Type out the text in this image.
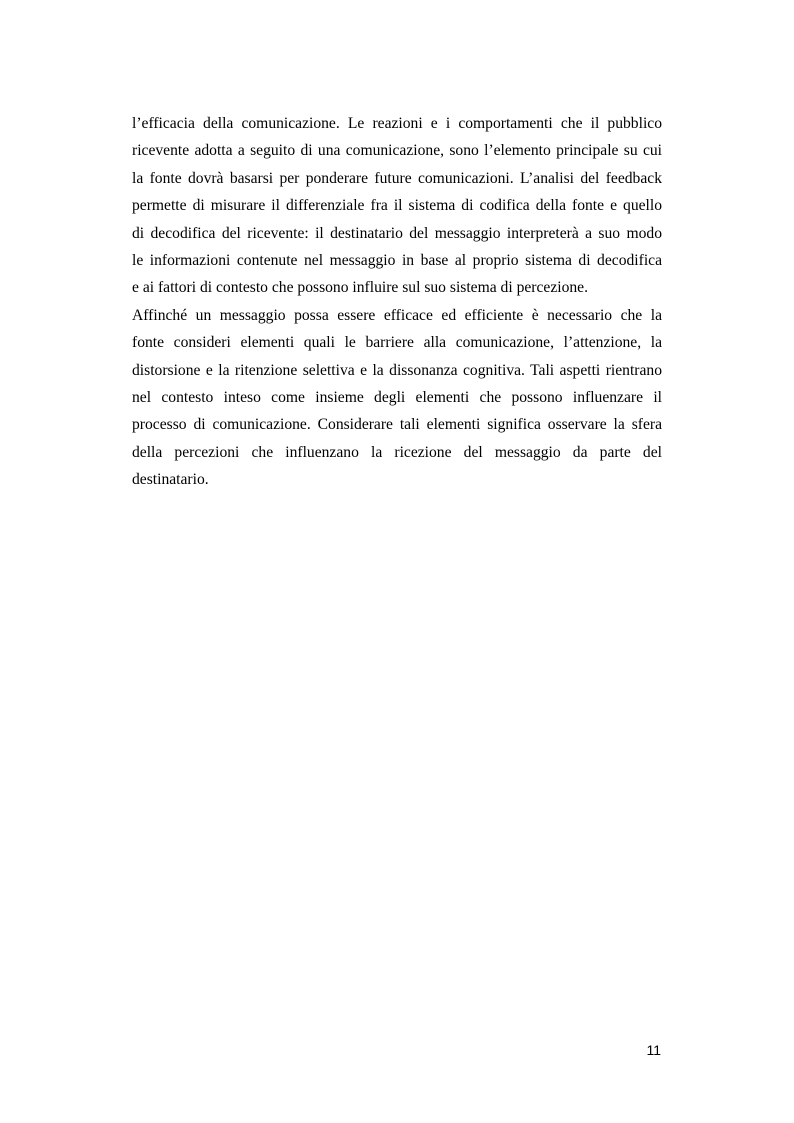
l’efficacia della comunicazione. Le reazioni e i comportamenti che il pubblico
ricevente adotta a seguito di una comunicazione, sono l’elemento principale su cui
la fonte dovrà basarsi per ponderare future comunicazioni. L’analisi del feedback
permette di misurare il differenziale fra il sistema di codifica della fonte e quello
di decodifica del ricevente: il destinatario del messaggio interpreterà a suo modo
le informazioni contenute nel messaggio in base al proprio sistema di decodifica
e ai fattori di contesto che possono influire sul suo sistema di percezione.
Affinché un messaggio possa essere efficace ed efficiente è necessario che la
fonte consideri elementi quali le barriere alla comunicazione, l’attenzione, la
distorsione e la ritenzione selettiva e la dissonanza cognitiva. Tali aspetti rientrano
nel contesto inteso come insieme degli elementi che possono influenzare il
processo di comunicazione. Considerare tali elementi significa osservare la sfera
della percezioni che influenzano la ricezione del messaggio da parte del
destinatario.
11
